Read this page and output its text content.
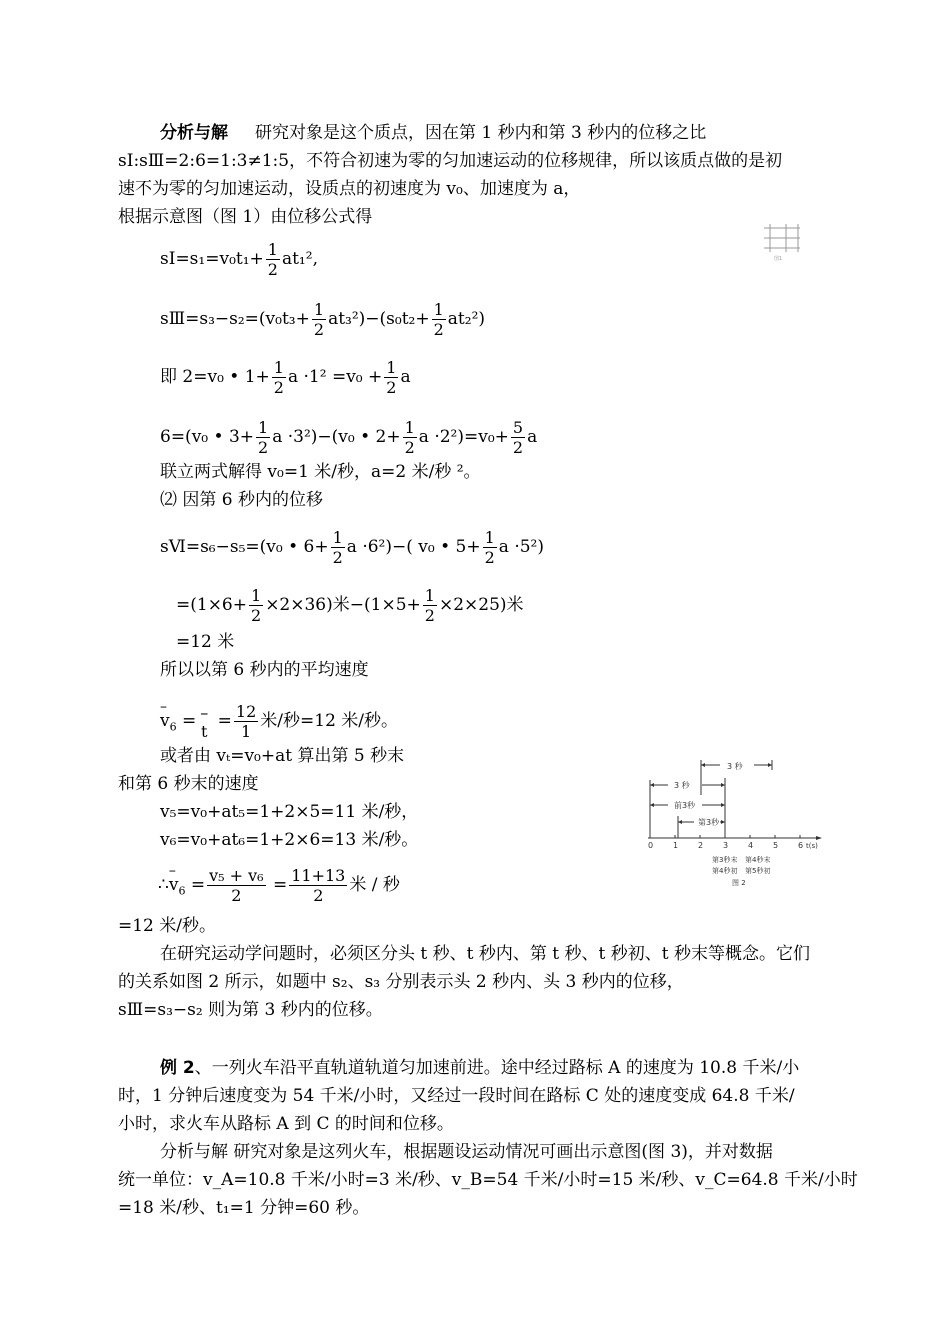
分析与解 研究对象是这个质点，因在第 1 秒内和第 3 秒内的位移之比
sⅠ:sⅢ=2:6=1:3≠1:5，不符合初速为零的匀加速运动的位移规律，所以该质点做的是初
速不为零的匀加速运动，设质点的初速度为 v₀、加速度为 a，
根据示意图（图 1）由位移公式得
图1
sⅠ=s₁=v₀t₁+ $\frac{1}{2} at_1^2$,
sⅢ=s₃−s₂=(v₀t₃+ $\frac{1}{2} at_3^2)-(s_0t_2+ \frac{1}{2} at_2^2)$
即 2=v₀ • $1+ \frac{1}{2}$ $a \cdot 1^2 =v_0 + \frac{1}{2}$ a
6=(v₀ • $3+ \frac{1}{2}$ a ·3²)−(v₀ • $2+ \frac{1}{2}$ $a \cdot 2^2)=v_0+ \frac{5}{2}$ a
联立两式解得 v₀=1 米/秒，a=2 米/秒 ²。
⑵ 因第 6 秒内的位移
sⅥ=s₆−s₅=(v₀ • $6+ \frac{1}{2}$ a ·6²)−( v₀ • $5+ \frac{1}{2}$ a ·5²)
$=(1\times 6+ \frac{1}{2} \times 2\times 36)$米$-(1\times 5+ \frac{1}{2} \times 2\times 25)$米
=12 米
所以以第 6 秒内的平均速度
– $v_6$ = –
$t = \frac{12}{1}$ 米/秒=12 米/秒。
或者由 vₜ=v₀+at 算出第 5 秒末
和第 6 秒末的速度
v₅=v₀+at₅=1+2×5=11 米/秒，
v₆=v₀+at₆=1+2×6=13 米/秒。
∴– $v_6 = \frac{\text{v₅ + v₆}}{2} = \frac{11+13}{2}$ 米 / 秒
=12 米/秒。
在研究运动学问题时，必须区分头 t 秒、t 秒内、第 t 秒、t 秒初、t 秒末等概念。它们
的关系如图 2 所示，如题中 s₂、s₃ 分别表示头 2 秒内、头 3 秒内的位移，
sⅢ=s₃−s₂ 则为第 3 秒内的位移。
例 2、一列火车沿平直轨道轨道匀加速前进。途中经过路标 A 的速度为 10.8 千米/小
时，1 分钟后速度变为 54 千米/小时，又经过一段时间在路标 C 处的速度变成 64.8 千米/
小时，求火车从路标 A 到 C 的时间和位移。
分析与解 研究对象是这列火车，根据题设运动情况可画出示意图(图 3)，并对数据
统一单位：v_A=10.8 千米/小时=3 米/秒、v_B=54 千米/小时=15 米/秒、v_C=64.8 千米/小时
=18 米/秒、t₁=1 分钟=60 秒。
0 1 2 3 4 5 6
3 秒
3 秒
前3秒
第3秒
t(s)
第3秒末 第4秒末
第4秒初 第5秒初
图 2
